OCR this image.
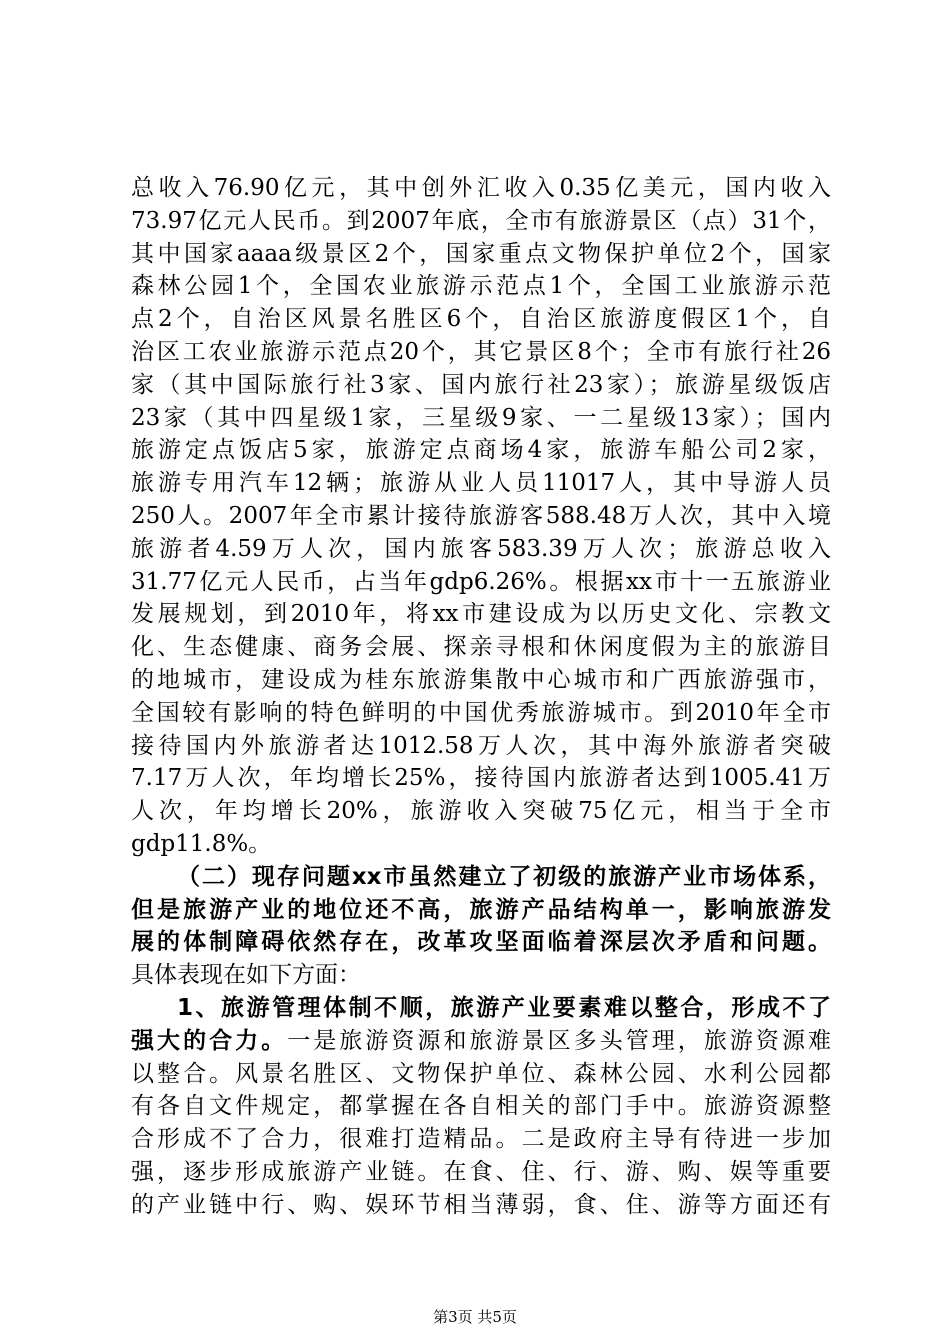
总收入76.90亿元，其中创外汇收入0.35亿美元，国内收入
73.97亿元人民币。到2007年底，全市有旅游景区（点）31个，
其中国家aaaa级景区2个，国家重点文物保护单位2个，国家
森林公园1个，全国农业旅游示范点1个，全国工业旅游示范
点2个，自治区风景名胜区6个，自治区旅游度假区1个，自
治区工农业旅游示范点20个，其它景区8个；全市有旅行社26
家（其中国际旅行社3家、国内旅行社23家）；旅游星级饭店
23家（其中四星级1家，三星级9家、一二星级13家）；国内
旅游定点饭店5家，旅游定点商场4家，旅游车船公司2家，
旅游专用汽车12辆；旅游从业人员11017人，其中导游人员
250人。2007年全市累计接待旅游客588.48万人次，其中入境
旅游者4.59万人次，国内旅客583.39万人次；旅游总收入
31.77亿元人民币，占当年gdp6.26%。根据xx市十一五旅游业
发展规划，到2010年，将xx市建设成为以历史文化、宗教文
化、生态健康、商务会展、探亲寻根和休闲度假为主的旅游目
的地城市，建设成为桂东旅游集散中心城市和广西旅游强市，
全国较有影响的特色鲜明的中国优秀旅游城市。到2010年全市
接待国内外旅游者达1012.58万人次，其中海外旅游者突破
7.17万人次，年均增长25%，接待国内旅游者达到1005.41万
人次，年均增长20%，旅游收入突破75亿元，相当于全市
gdp11.8%。
（二）现存问题xx市虽然建立了初级的旅游产业市场体系，
但是旅游产业的地位还不高，旅游产品结构单一，影响旅游发
展的体制障碍依然存在，改革攻坚面临着深层次矛盾和问题。
具体表现在如下方面：
1、旅游管理体制不顺，旅游产业要素难以整合，形成不了
强大的合力。一是旅游资源和旅游景区多头管理，旅游资源难
以整合。风景名胜区、文物保护单位、森林公园、水利公园都
有各自文件规定，都掌握在各自相关的部门手中。旅游资源整
合形成不了合力，很难打造精品。二是政府主导有待进一步加
强，逐步形成旅游产业链。在食、住、行、游、购、娱等重要
的产业链中行、购、娱环节相当薄弱，食、住、游等方面还有
第3页 共5页
